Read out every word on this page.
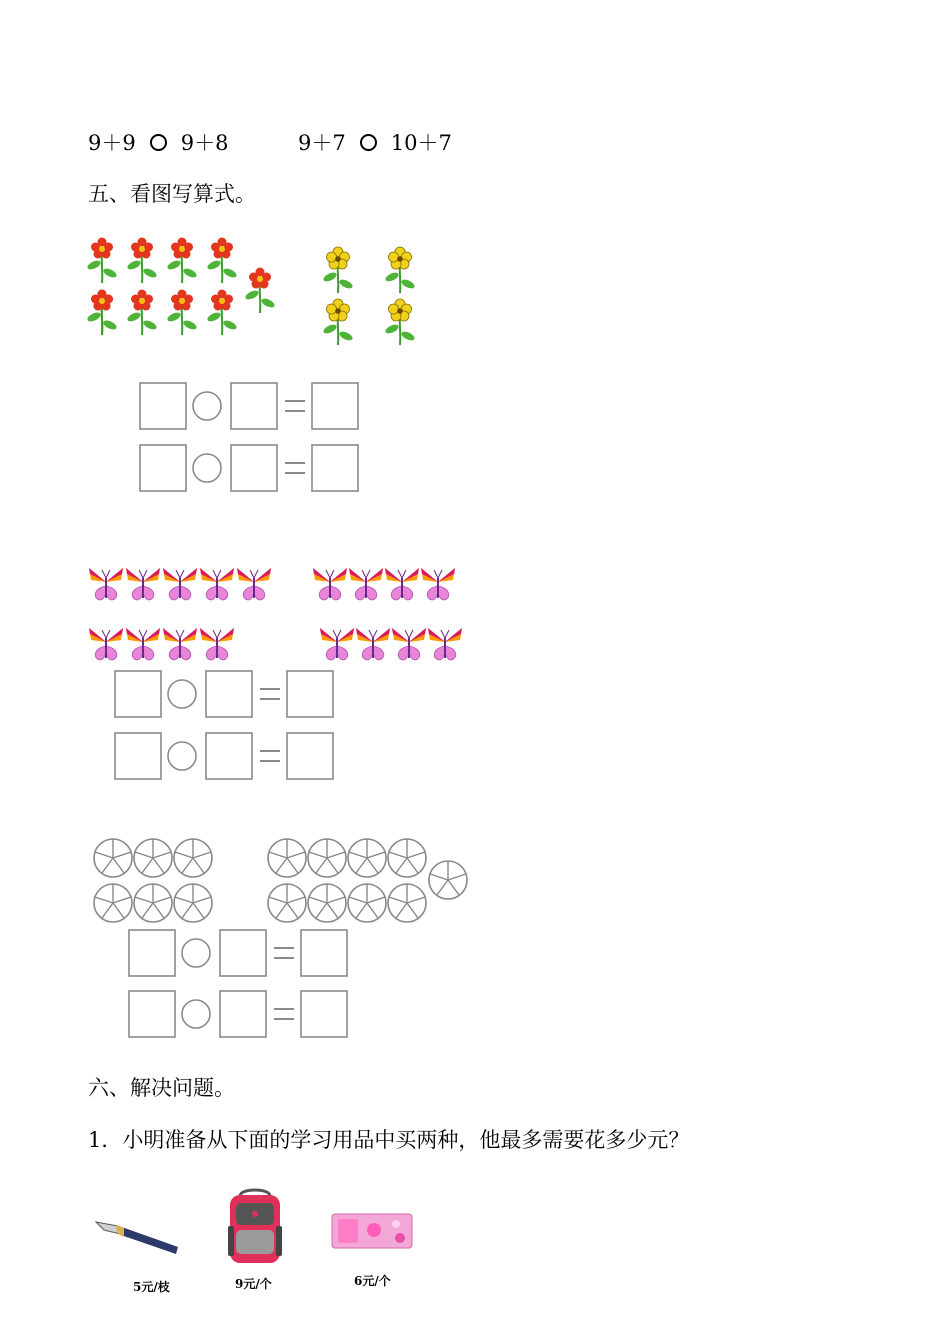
9＋9 9＋8	9＋7 10＋7
五、看图写算式。
六、解决问题。
1．小明准备从下面的学习用品中买两种，他最多需要花多少元？
5元/枝	9元/个	6元/个
